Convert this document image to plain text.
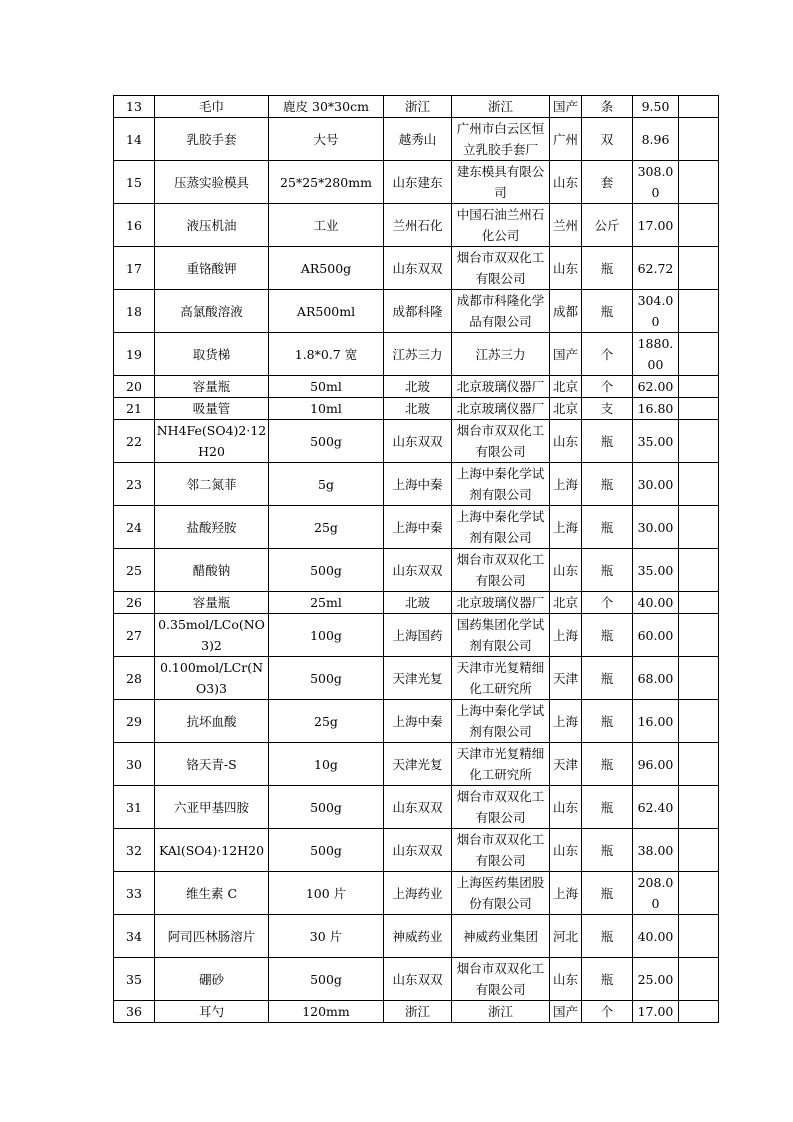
13	毛巾	鹿皮 30*30cm	浙江	浙江	国产	条	9.50	
14	乳胶手套	大号	越秀山	广州市白云区恒立乳胶手套厂	广州	双	8.96	
15	压蒸实验模具	25*25*280mm	山东建东	建东模具有限公司	山东	套	308.00	
16	液压机油	工业	兰州石化	中国石油兰州石化公司	兰州	公斤	17.00	
17	重铬酸钾	AR500g	山东双双	烟台市双双化工有限公司	山东	瓶	62.72	
18	高氯酸溶液	AR500ml	成都科隆	成都市科隆化学品有限公司	成都	瓶	304.00	
19	取货梯	1.8*0.7 宽	江苏三力	江苏三力	国产	个	1880.00	
20	容量瓶	50ml	北玻	北京玻璃仪器厂	北京	个	62.00	
21	吸量管	10ml	北玻	北京玻璃仪器厂	北京	支	16.80	
22	NH4Fe(SO4)2·12H20	500g	山东双双	烟台市双双化工有限公司	山东	瓶	35.00	
23	邻二氮菲	5g	上海中秦	上海中秦化学试剂有限公司	上海	瓶	30.00	
24	盐酸羟胺	25g	上海中秦	上海中秦化学试剂有限公司	上海	瓶	30.00	
25	醋酸钠	500g	山东双双	烟台市双双化工有限公司	山东	瓶	35.00	
26	容量瓶	25ml	北玻	北京玻璃仪器厂	北京	个	40.00	
27	0.35mol/LCo(NO3)2	100g	上海国药	国药集团化学试剂有限公司	上海	瓶	60.00	
28	0.100mol/LCr(NO3)3	500g	天津光复	天津市光复精细化工研究所	天津	瓶	68.00	
29	抗坏血酸	25g	上海中秦	上海中秦化学试剂有限公司	上海	瓶	16.00	
30	铬天青-S	10g	天津光复	天津市光复精细化工研究所	天津	瓶	96.00	
31	六亚甲基四胺	500g	山东双双	烟台市双双化工有限公司	山东	瓶	62.40	
32	KAl(SO4)·12H20	500g	山东双双	烟台市双双化工有限公司	山东	瓶	38.00	
33	维生素 C	100 片	上海药业	上海医药集团股份有限公司	上海	瓶	208.00	
34	阿司匹林肠溶片	30 片	神威药业	神威药业集团	河北	瓶	40.00	
35	硼砂	500g	山东双双	烟台市双双化工有限公司	山东	瓶	25.00	
36	耳勺	120mm	浙江	浙江	国产	个	17.00	
